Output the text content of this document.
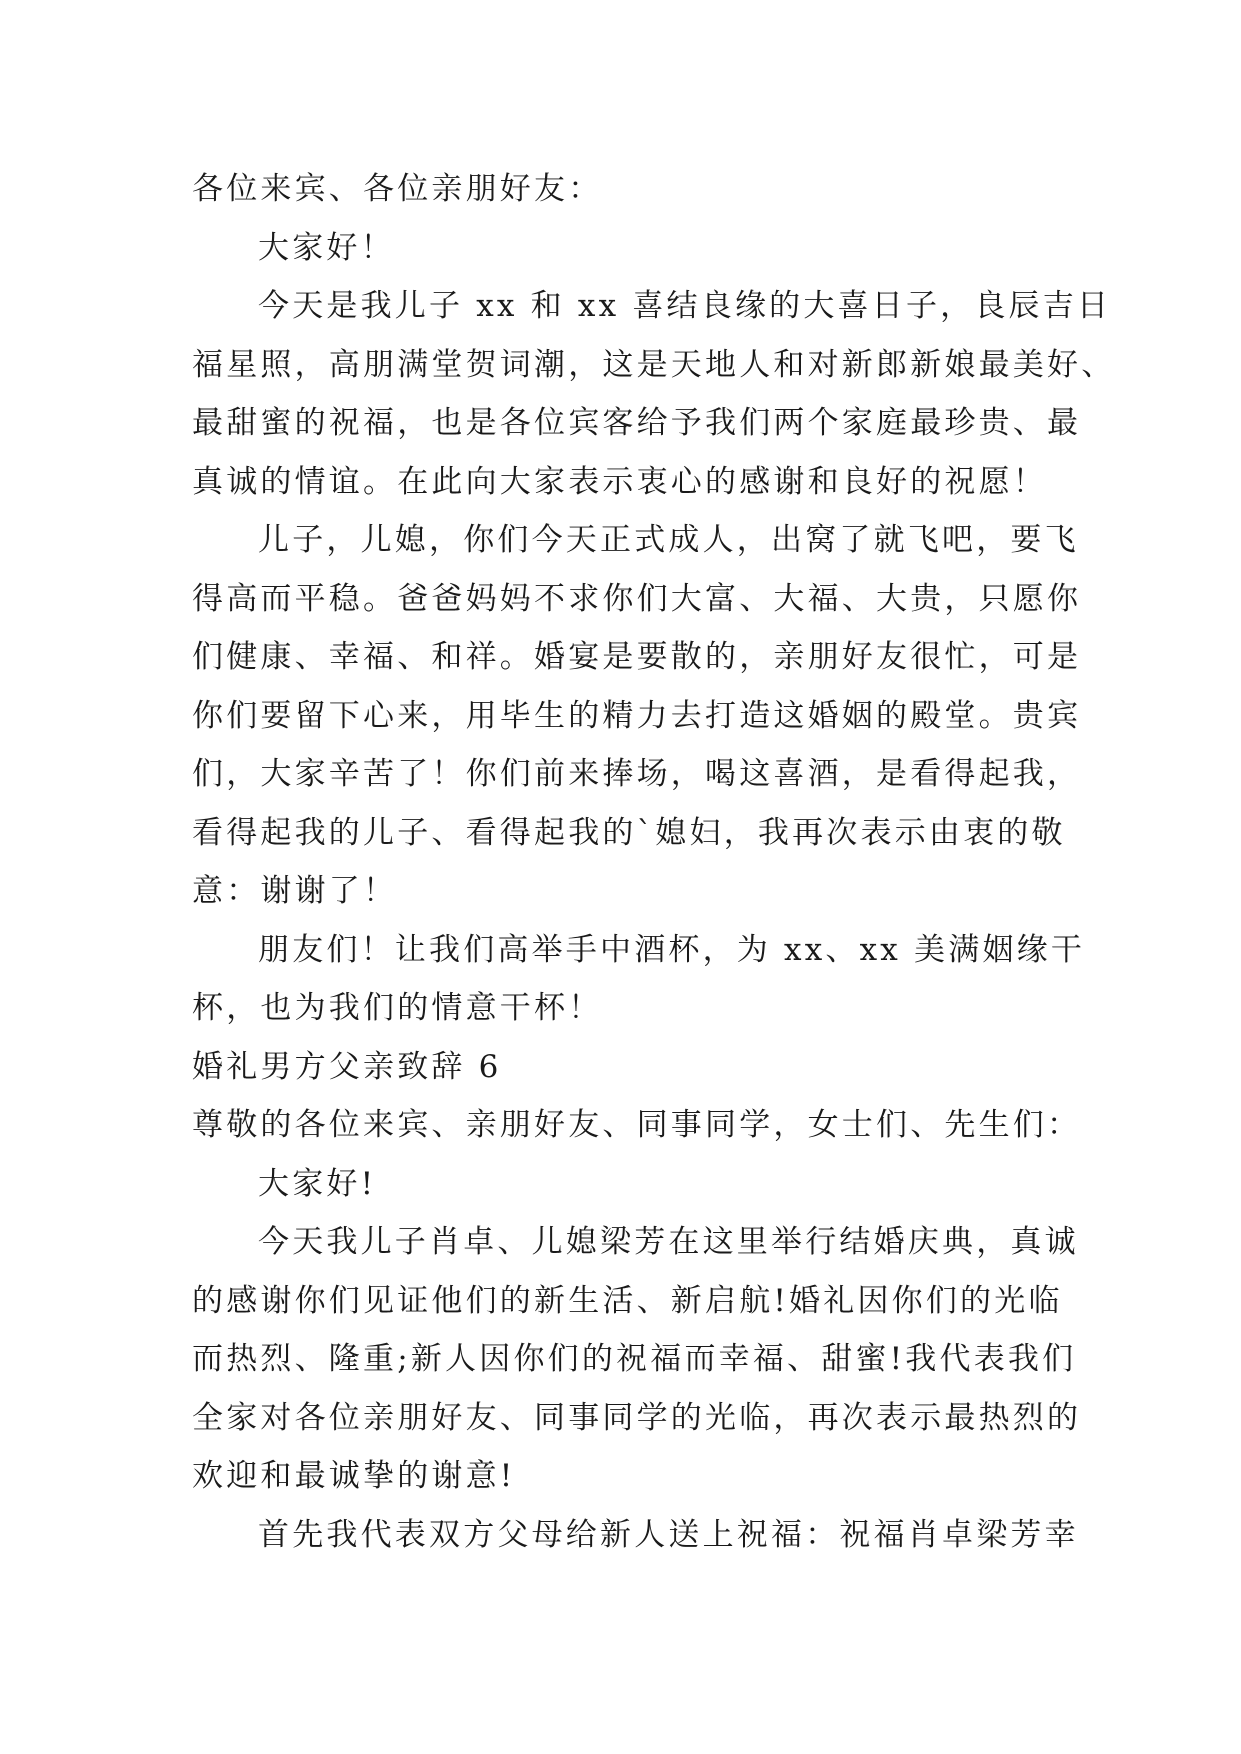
各位来宾、各位亲朋好友：
大家好！
今天是我儿子 xx 和 xx 喜结良缘的大喜日子，良辰吉日
福星照，高朋满堂贺词潮，这是天地人和对新郎新娘最美好、
最甜蜜的祝福，也是各位宾客给予我们两个家庭最珍贵、最
真诚的情谊。在此向大家表示衷心的感谢和良好的祝愿！
儿子，儿媳，你们今天正式成人，出窝了就飞吧，要飞
得高而平稳。爸爸妈妈不求你们大富、大福、大贵，只愿你
们健康、幸福、和祥。婚宴是要散的，亲朋好友很忙，可是
你们要留下心来，用毕生的精力去打造这婚姻的殿堂。贵宾
们，大家辛苦了！你们前来捧场，喝这喜酒，是看得起我，
看得起我的儿子、看得起我的`媳妇，我再次表示由衷的敬
意：谢谢了！
朋友们！让我们高举手中酒杯，为 xx、xx 美满姻缘干
杯，也为我们的情意干杯！
婚礼男方父亲致辞 6
尊敬的各位来宾、亲朋好友、同事同学，女士们、先生们：
大家好!
今天我儿子肖卓、儿媳梁芳在这里举行结婚庆典，真诚
的感谢你们见证他们的新生活、新启航!婚礼因你们的光临
而热烈、隆重;新人因你们的祝福而幸福、甜蜜!我代表我们
全家对各位亲朋好友、同事同学的光临，再次表示最热烈的
欢迎和最诚挚的谢意!
首先我代表双方父母给新人送上祝福：祝福肖卓梁芳幸
